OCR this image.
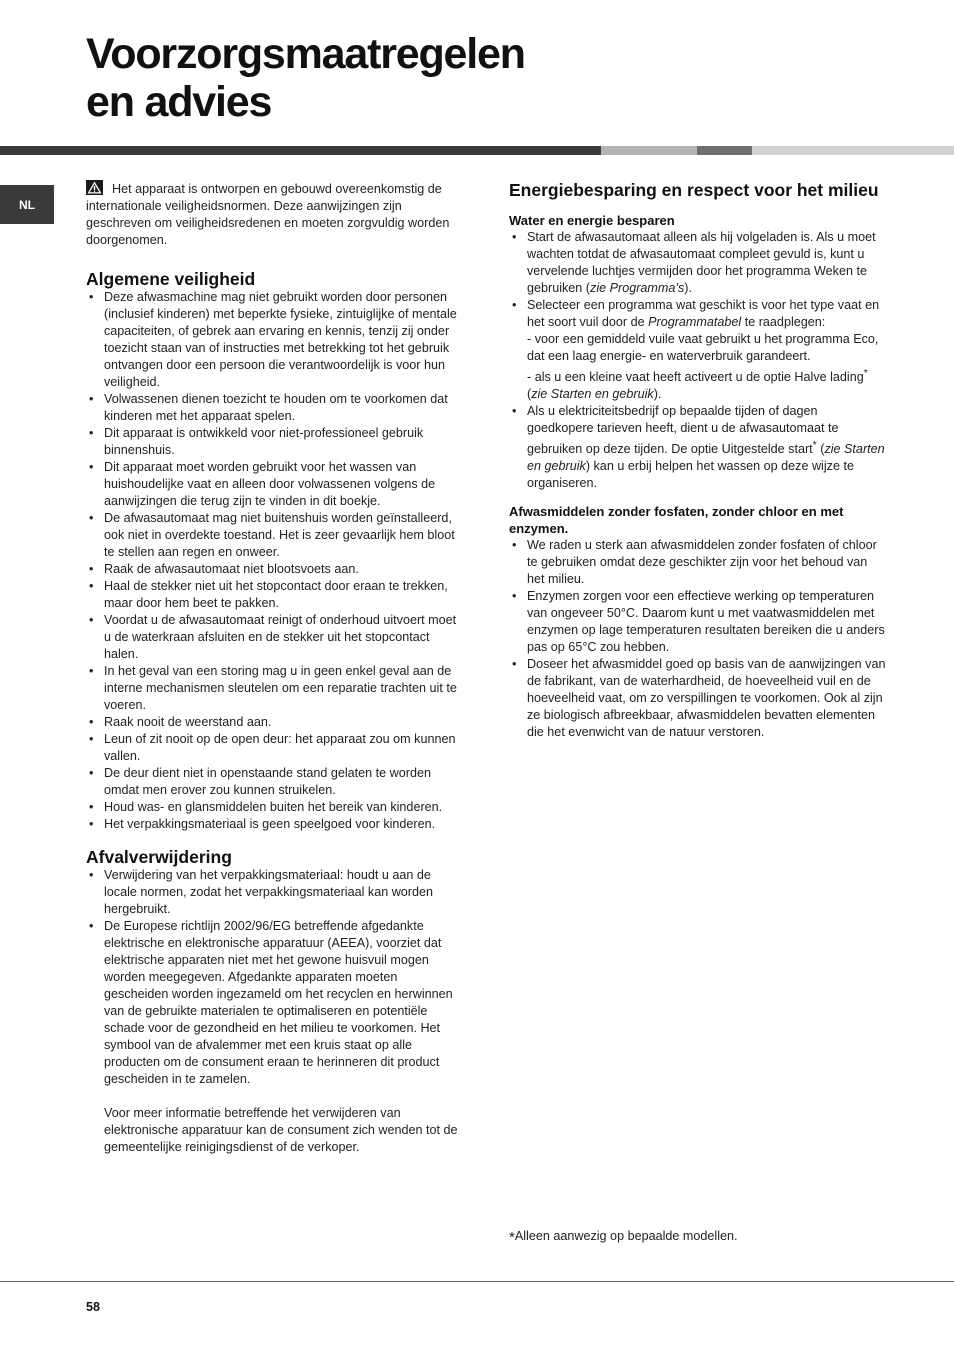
Voorzorgsmaatregelen
en advies
NL

Het apparaat is ontworpen en gebouwd overeenkomstig de internationale veiligheidsnormen. Deze aanwijzingen zijn geschreven om veiligheidsredenen en moeten zorgvuldig worden doorgenomen.

Algemene veiligheid
• Deze afwasmachine mag niet gebruikt worden door personen (inclusief kinderen) met beperkte fysieke, zintuiglijke of mentale capaciteiten, of gebrek aan ervaring en kennis, tenzij zij onder toezicht staan van of instructies met betrekking tot het gebruik ontvangen door een persoon die verantwoordelijk is voor hun veiligheid.
• Volwassenen dienen toezicht te houden om te voorkomen dat kinderen met het apparaat spelen.
• Dit apparaat is ontwikkeld voor niet-professioneel gebruik binnenshuis.
• Dit apparaat moet worden gebruikt voor het wassen van huishoudelijke vaat en alleen door volwassenen volgens de aanwijzingen die terug zijn te vinden in dit boekje.
• De afwasautomaat mag niet buitenshuis worden geïnstalleerd, ook niet in overdekte toestand. Het is zeer gevaarlijk hem bloot te stellen aan regen en onweer.
• Raak de afwasautomaat niet blootsvoets aan.
• Haal de stekker niet uit het stopcontact door eraan te trekken, maar door hem beet te pakken.
• Voordat u de afwasautomaat reinigt of onderhoud uitvoert moet u de waterkraan afsluiten en de stekker uit het stopcontact halen.
• In het geval van een storing mag u in geen enkel geval aan de interne mechanismen sleutelen om een reparatie trachten uit te voeren.
• Raak nooit de weerstand aan.
• Leun of zit nooit op de open deur: het apparaat zou om kunnen vallen.
• De deur dient niet in openstaande stand gelaten te worden omdat men erover zou kunnen struikelen.
• Houd was- en glansmiddelen buiten het bereik van kinderen.
• Het verpakkingsmateriaal is geen speelgoed voor kinderen.
Afvalverwijdering
• Verwijdering van het verpakkingsmateriaal: houdt u aan de locale normen, zodat het verpakkingsmateriaal kan worden hergebruikt.
• De Europese richtlijn 2002/96/EG betreffende afgedankte elektrische en elektronische apparatuur (AEEA), voorziet dat elektrische apparaten niet met het gewone huisvuil mogen worden meegegeven. Afgedankte apparaten moeten gescheiden worden ingezameld om het recyclen en herwinnen van de gebruikte materialen te optimaliseren en potentiële schade voor de gezondheid en het milieu te voorkomen. Het symbool van de afvalemmer met een kruis staat op alle producten om de consument eraan te herinneren dit product gescheiden in te zamelen.

Voor meer informatie betreffende het verwijderen van elektronische apparatuur kan de consument zich wenden tot de gemeentelijke reinigingsdienst of de verkoper.

Energiebesparing en respect voor het milieu
Water en energie besparen
• Start de afwasautomaat alleen als hij volgeladen is. Als u moet wachten totdat de afwasautomaat compleet gevuld is, kunt u vervelende luchtjes vermijden door het programma Weken te gebruiken (zie Programma’s).
• Selecteer een programma wat geschikt is voor het type vaat en het soort vuil door de Programmatabel te raadplegen:
- voor een gemiddeld vuile vaat gebruikt u het programma Eco, dat een laag energie- en waterverbruik garandeert.
- als u een kleine vaat heeft activeert u de optie Halve lading* (zie Starten en gebruik).
• Als u elektriciteitsbedrijf op bepaalde tijden of dagen goedkopere tarieven heeft, dient u de afwasautomaat te gebruiken op deze tijden. De optie Uitgestelde start* (zie Starten en gebruik) kan u erbij helpen het wassen op deze wijze te organiseren.
Afwasmiddelen zonder fosfaten, zonder chloor en met enzymen.
• We raden u sterk aan afwasmiddelen zonder fosfaten of chloor te gebruiken omdat deze geschikter zijn voor het behoud van het milieu.
• Enzymen zorgen voor een effectieve werking op temperaturen van ongeveer 50°C. Daarom kunt u met vaatwasmiddelen met enzymen op lage temperaturen resultaten bereiken die u anders pas op 65°C zou hebben.
• Doseer het afwasmiddel goed op basis van de aanwijzingen van de fabrikant, van de waterhardheid, de hoeveelheid vuil en de hoeveelheid vaat, om zo verspillingen te voorkomen. Ook al zijn ze biologisch afbreekbaar, afwasmiddelen bevatten elementen die het evenwicht van de natuur verstoren.
*Alleen aanwezig op bepaalde modellen.
58
